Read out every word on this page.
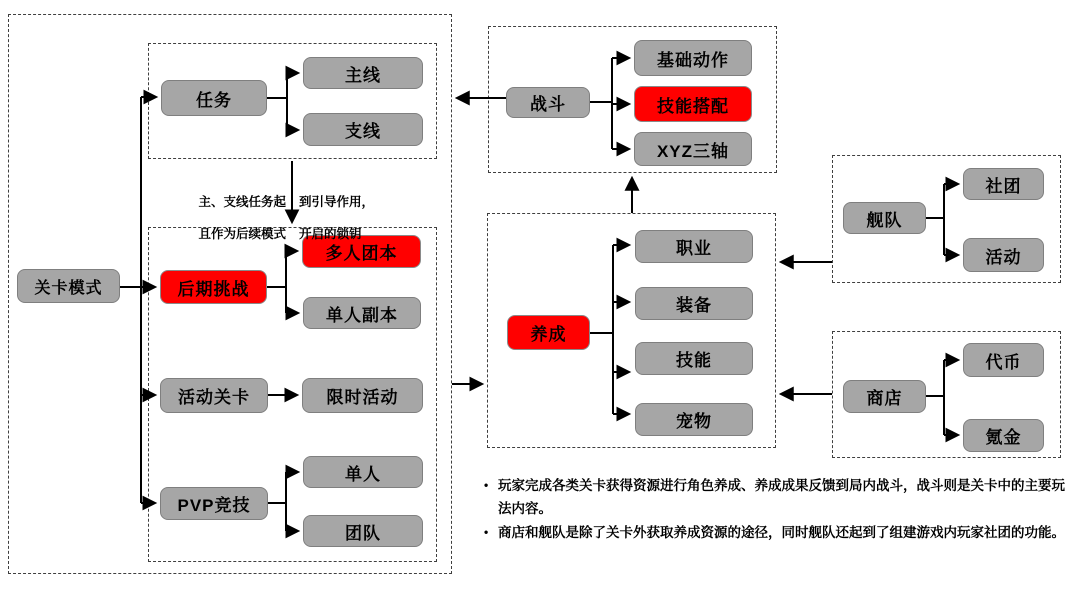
关卡模式
任务
主线
支线
后期挑战
多人团本
单人副本
活动关卡	限时活动
PVP竞技
单人
团队
战斗
基础动作
技能搭配
XYZ三轴
养成
职业
装备
技能
宠物
舰队
社团
活动
商店
代币
氪金

主、支线任务起

且作为后续模式

到引导作用，

开启的锁钥

• 玩家完成各类关卡获得资源进行角色养成、养成成果反馈到局内战斗，战斗则是关卡中的主要玩法内容。
• 商店和舰队是除了关卡外获取养成资源的途径，同时舰队还起到了组建游戏内玩家社团的功能。
